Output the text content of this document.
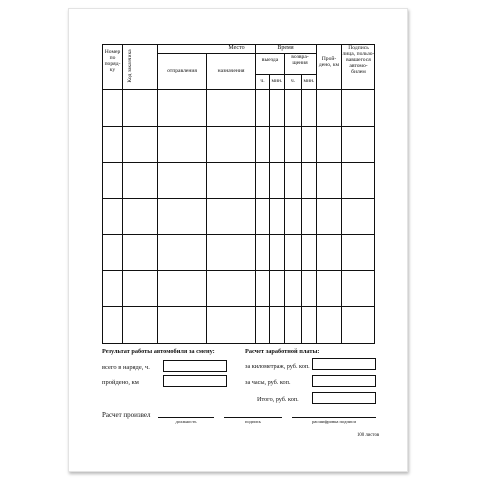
Номер по поряд- ку	Код заказчика
Место
отправления	назначения
Время
выезда	возвра- щения
ч.	мин.	ч.	мин.
Прой- дено, км
Подпись лица, пользо- вавшегося автомо- билем
Результат работы автомобиля за смену:
всего в наряде, ч.
пройдено, км
Расчет заработной платы:
за километраж, руб. коп.
за часы, руб. коп.
Итого, руб. коп.
Расчет произвел
должность	подпись	расшифровка подписи
100 листов
